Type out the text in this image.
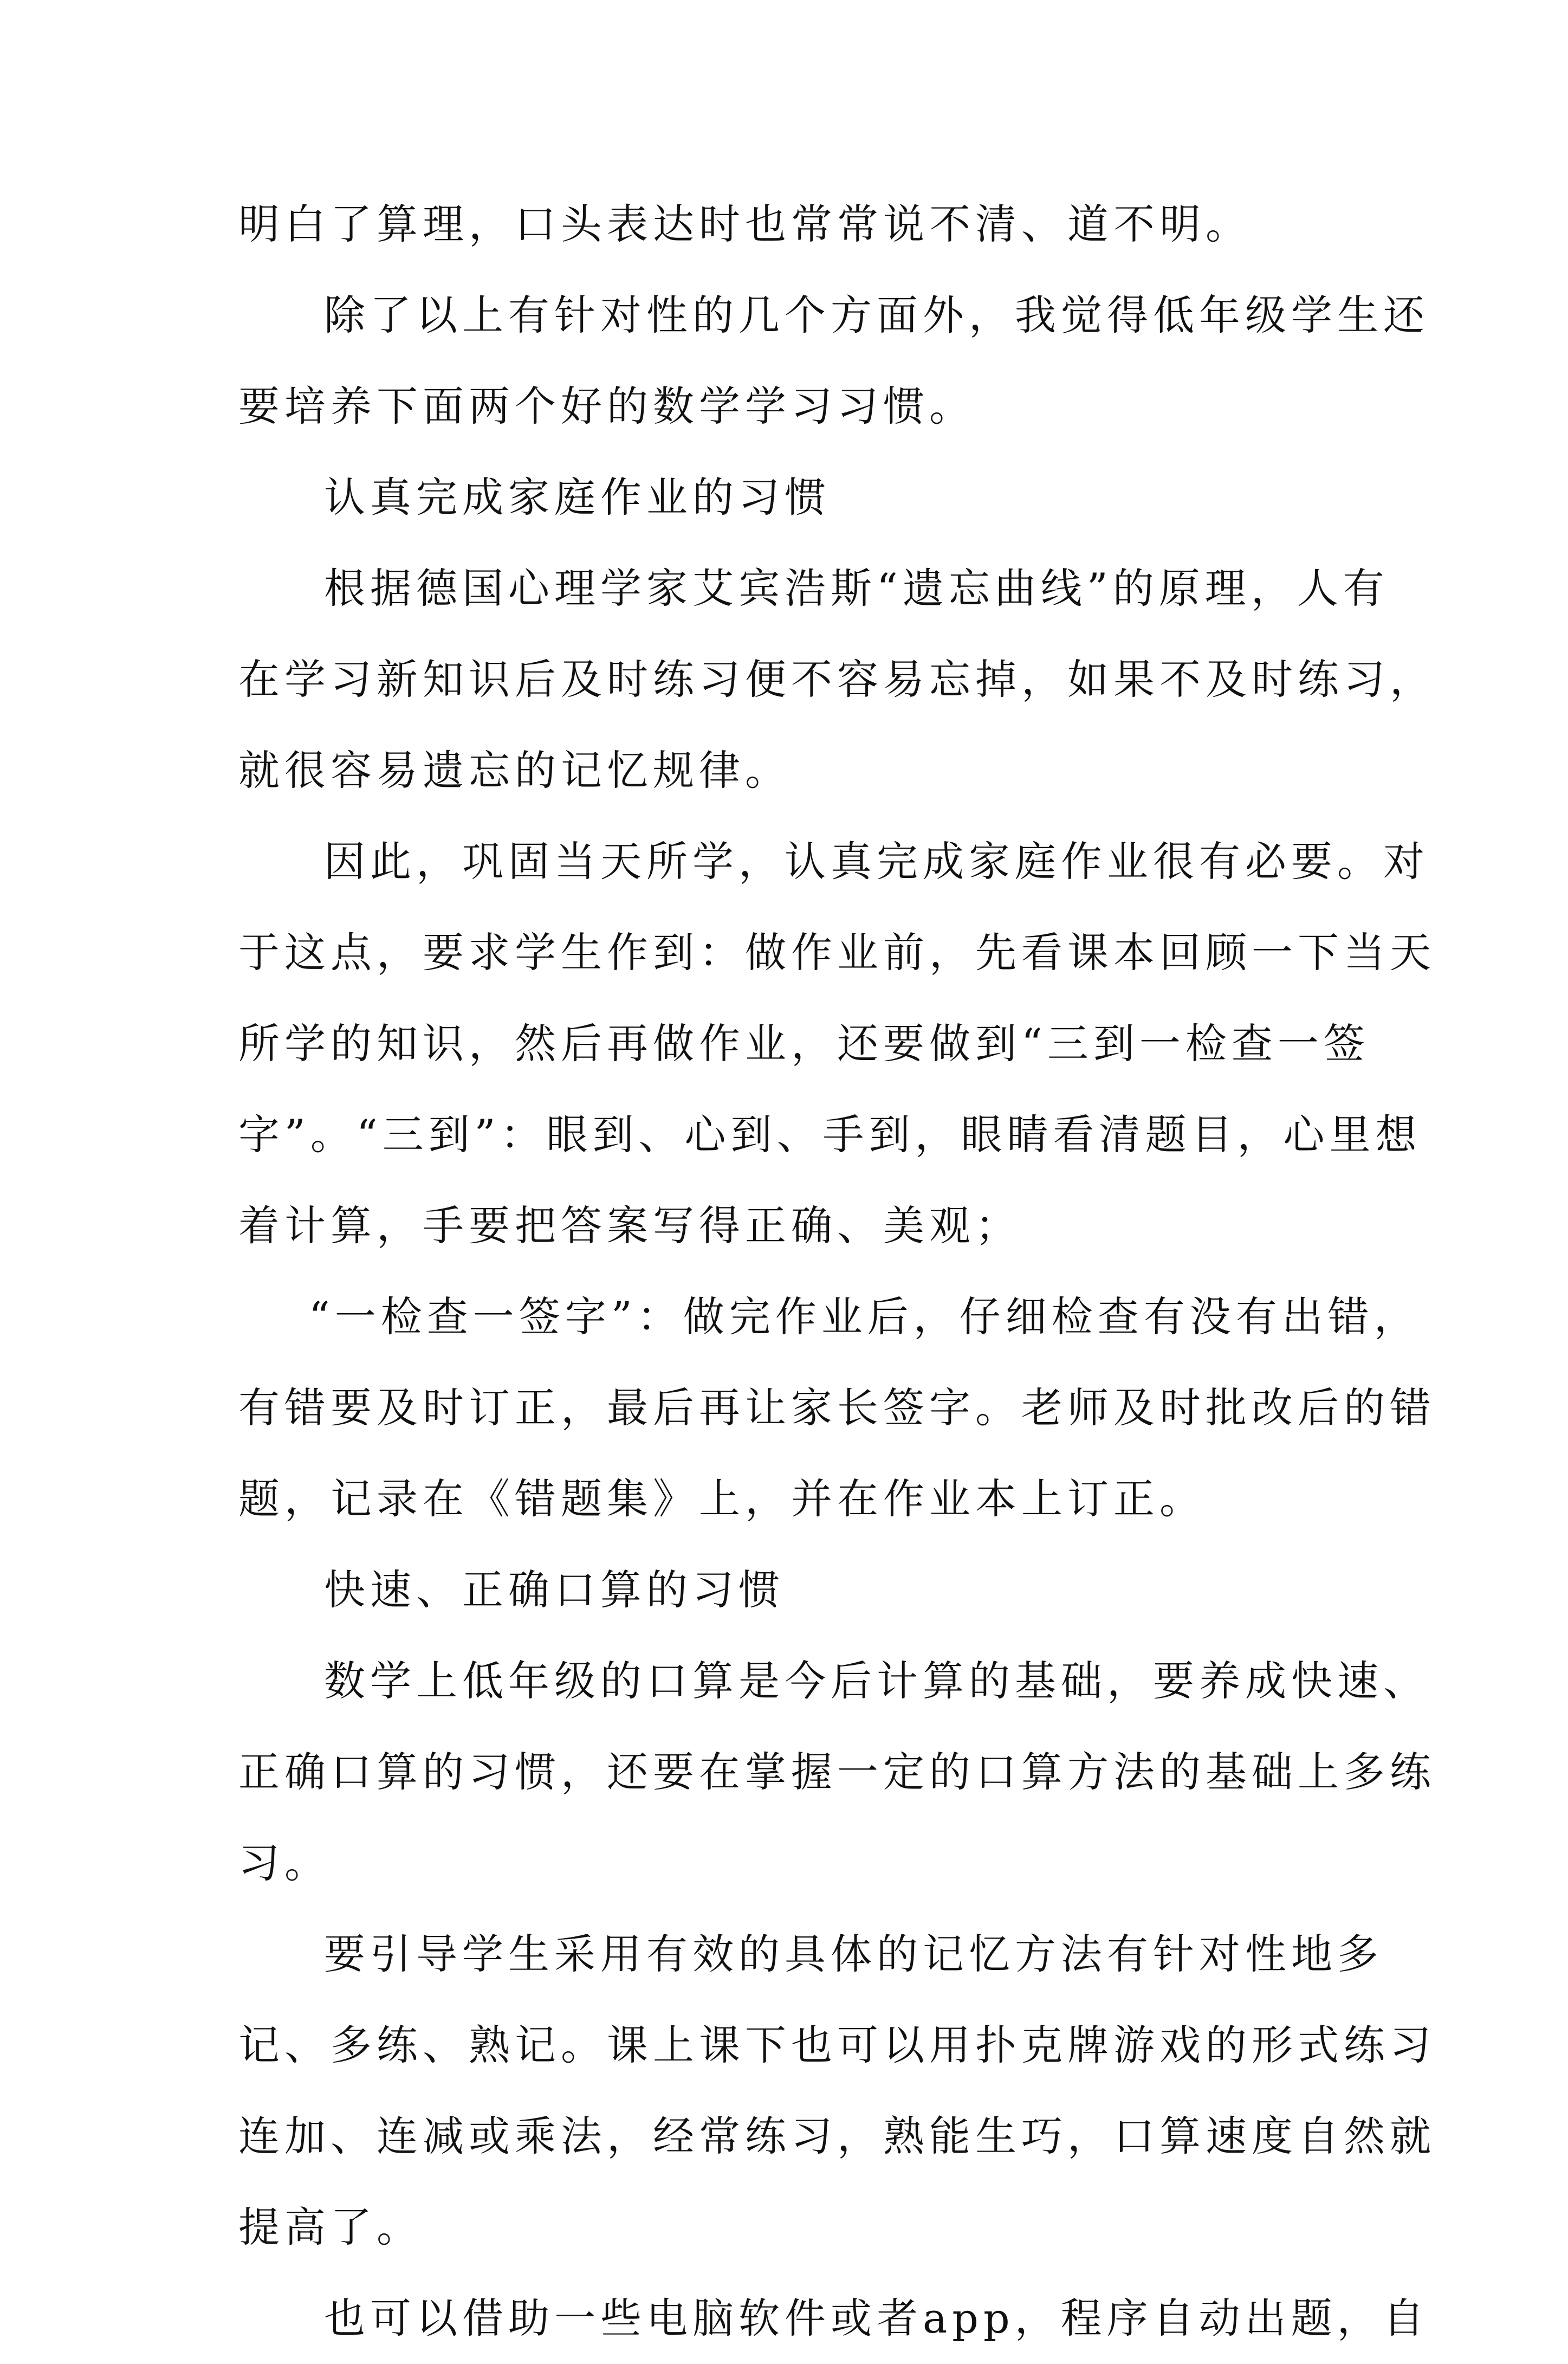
明白了算理，口头表达时也常常说不清、道不明。
除了以上有针对性的几个方面外，我觉得低年级学生还
要培养下面两个好的数学学习习惯。
认真完成家庭作业的习惯
根据德国心理学家艾宾浩斯“遗忘曲线”的原理，人有
在学习新知识后及时练习便不容易忘掉，如果不及时练习，
就很容易遗忘的记忆规律。
因此，巩固当天所学，认真完成家庭作业很有必要。对
于这点，要求学生作到：做作业前，先看课本回顾一下当天
所学的知识，然后再做作业，还要做到“三到一检查一签
字”。“三到”：眼到、心到、手到，眼睛看清题目，心里想
着计算，手要把答案写得正确、美观；
“一检查一签字”：做完作业后，仔细检查有没有出错，
有错要及时订正，最后再让家长签字。老师及时批改后的错
题，记录在《错题集》上，并在作业本上订正。
快速、正确口算的习惯
数学上低年级的口算是今后计算的基础，要养成快速、
正确口算的习惯，还要在掌握一定的口算方法的基础上多练
习。
要引导学生采用有效的具体的记忆方法有针对性地多
记、多练、熟记。课上课下也可以用扑克牌游戏的形式练习
连加、连减或乘法，经常练习，熟能生巧，口算速度自然就
提高了。
也可以借助一些电脑软件或者app，程序自动出题，自
